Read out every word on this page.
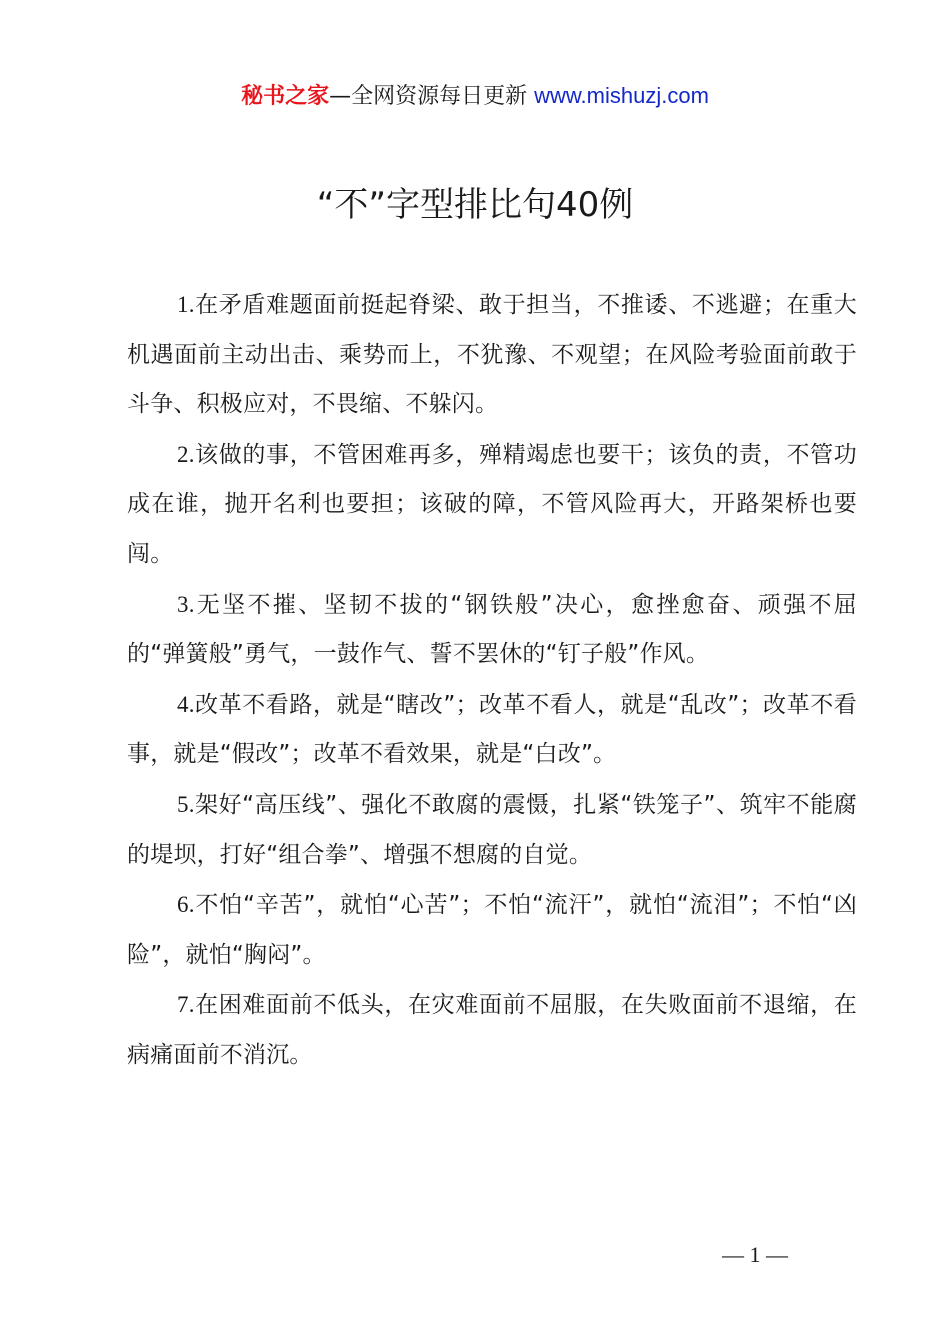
秘书之家—全网资源每日更新 www.mishuzj.com
“不”字型排比句40例

1.在矛盾难题面前挺起脊梁、敢于担当，不推诿、不逃避；在重大机遇面前主动出击、乘势而上，不犹豫、不观望；在风险考验面前敢于斗争、积极应对，不畏缩、不躲闪。

2.该做的事，不管困难再多，殚精竭虑也要干；该负的责，不管功成在谁，抛开名利也要担；该破的障，不管风险再大，开路架桥也要闯。

3.无坚不摧、坚韧不拔的“钢铁般”决心，愈挫愈奋、顽强不屈的“弹簧般”勇气，一鼓作气、誓不罢休的“钉子般”作风。

4.改革不看路，就是“瞎改”；改革不看人，就是“乱改”；改革不看事，就是“假改”；改革不看效果，就是“白改”。

5.架好“高压线”、强化不敢腐的震慑，扎紧“铁笼子”、筑牢不能腐的堤坝，打好“组合拳”、增强不想腐的自觉。

6.不怕“辛苦”，就怕“心苦”；不怕“流汗”，就怕“流泪”；不怕“凶险”，就怕“胸闷”。

7.在困难面前不低头，在灾难面前不屈服，在失败面前不退缩，在病痛面前不消沉。

— 1 —
